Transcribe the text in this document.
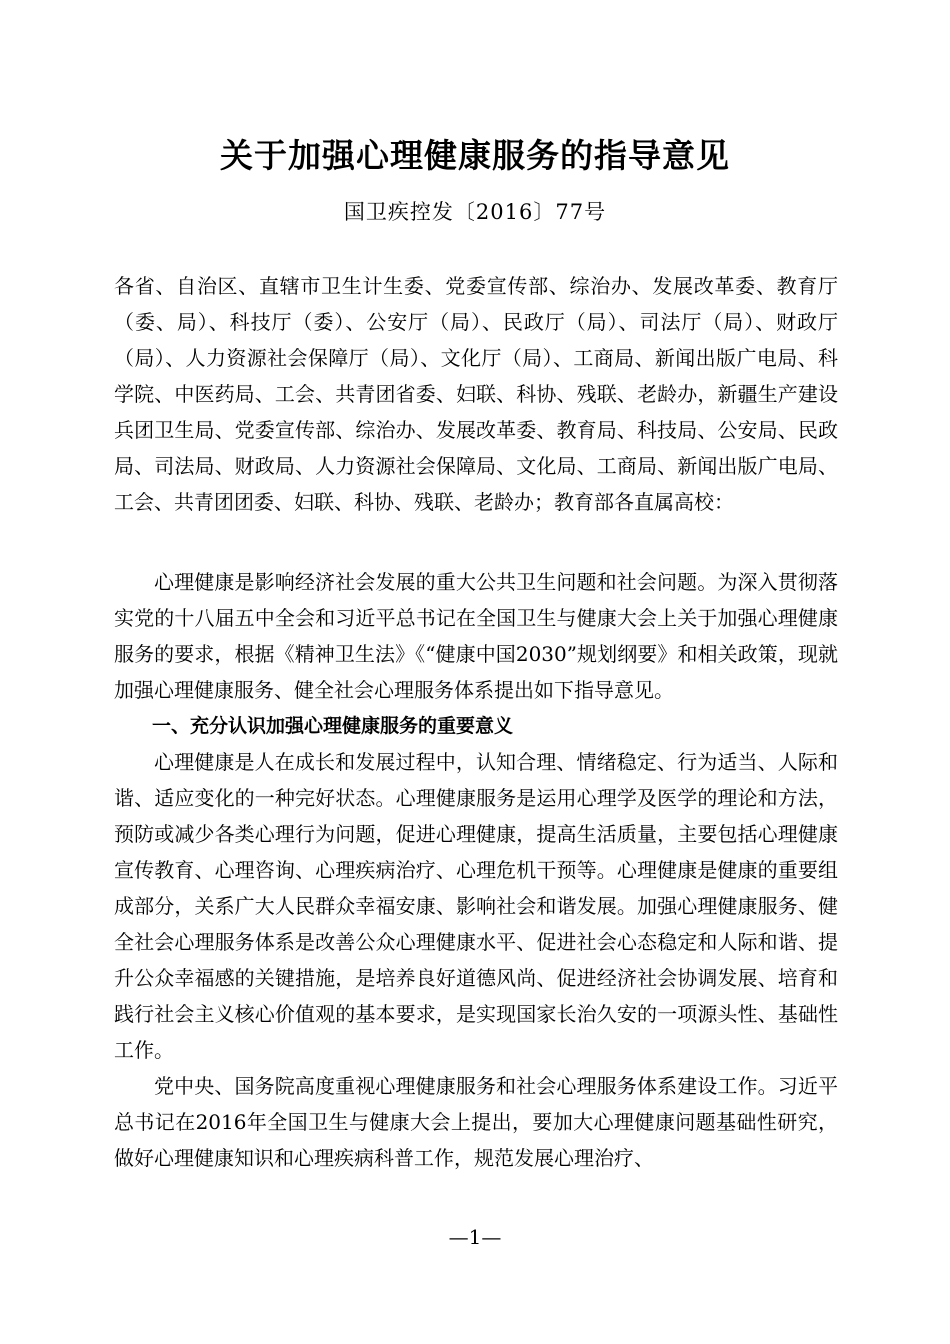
关于加强心理健康服务的指导意见
国卫疾控发〔2016〕77号

各省、自治区、直辖市卫生计生委、党委宣传部、综治办、发展改革委、教育厅（委、局）、科技厅（委）、公安厅（局）、民政厅（局）、司法厅（局）、财政厅（局）、人力资源社会保障厅（局）、文化厅（局）、工商局、新闻出版广电局、科学院、中医药局、工会、共青团省委、妇联、科协、残联、老龄办，新疆生产建设兵团卫生局、党委宣传部、综治办、发展改革委、教育局、科技局、公安局、民政局、司法局、财政局、人力资源社会保障局、文化局、工商局、新闻出版广电局、工会、共青团团委、妇联、科协、残联、老龄办；教育部各直属高校：

心理健康是影响经济社会发展的重大公共卫生问题和社会问题。为深入贯彻落实党的十八届五中全会和习近平总书记在全国卫生与健康大会上关于加强心理健康服务的要求，根据《精神卫生法》《“健康中国2030”规划纲要》和相关政策，现就加强心理健康服务、健全社会心理服务体系提出如下指导意见。

一、充分认识加强心理健康服务的重要意义

心理健康是人在成长和发展过程中，认知合理、情绪稳定、行为适当、人际和谐、适应变化的一种完好状态。心理健康服务是运用心理学及医学的理论和方法，预防或减少各类心理行为问题，促进心理健康，提高生活质量，主要包括心理健康宣传教育、心理咨询、心理疾病治疗、心理危机干预等。心理健康是健康的重要组成部分，关系广大人民群众幸福安康、影响社会和谐发展。加强心理健康服务、健全社会心理服务体系是改善公众心理健康水平、促进社会心态稳定和人际和谐、提升公众幸福感的关键措施，是培养良好道德风尚、促进经济社会协调发展、培育和践行社会主义核心价值观的基本要求，是实现国家长治久安的一项源头性、基础性工作。

党中央、国务院高度重视心理健康服务和社会心理服务体系建设工作。习近平总书记在2016年全国卫生与健康大会上提出，要加大心理健康问题基础性研究，做好心理健康知识和心理疾病科普工作，规范发展心理治疗、

—1—
